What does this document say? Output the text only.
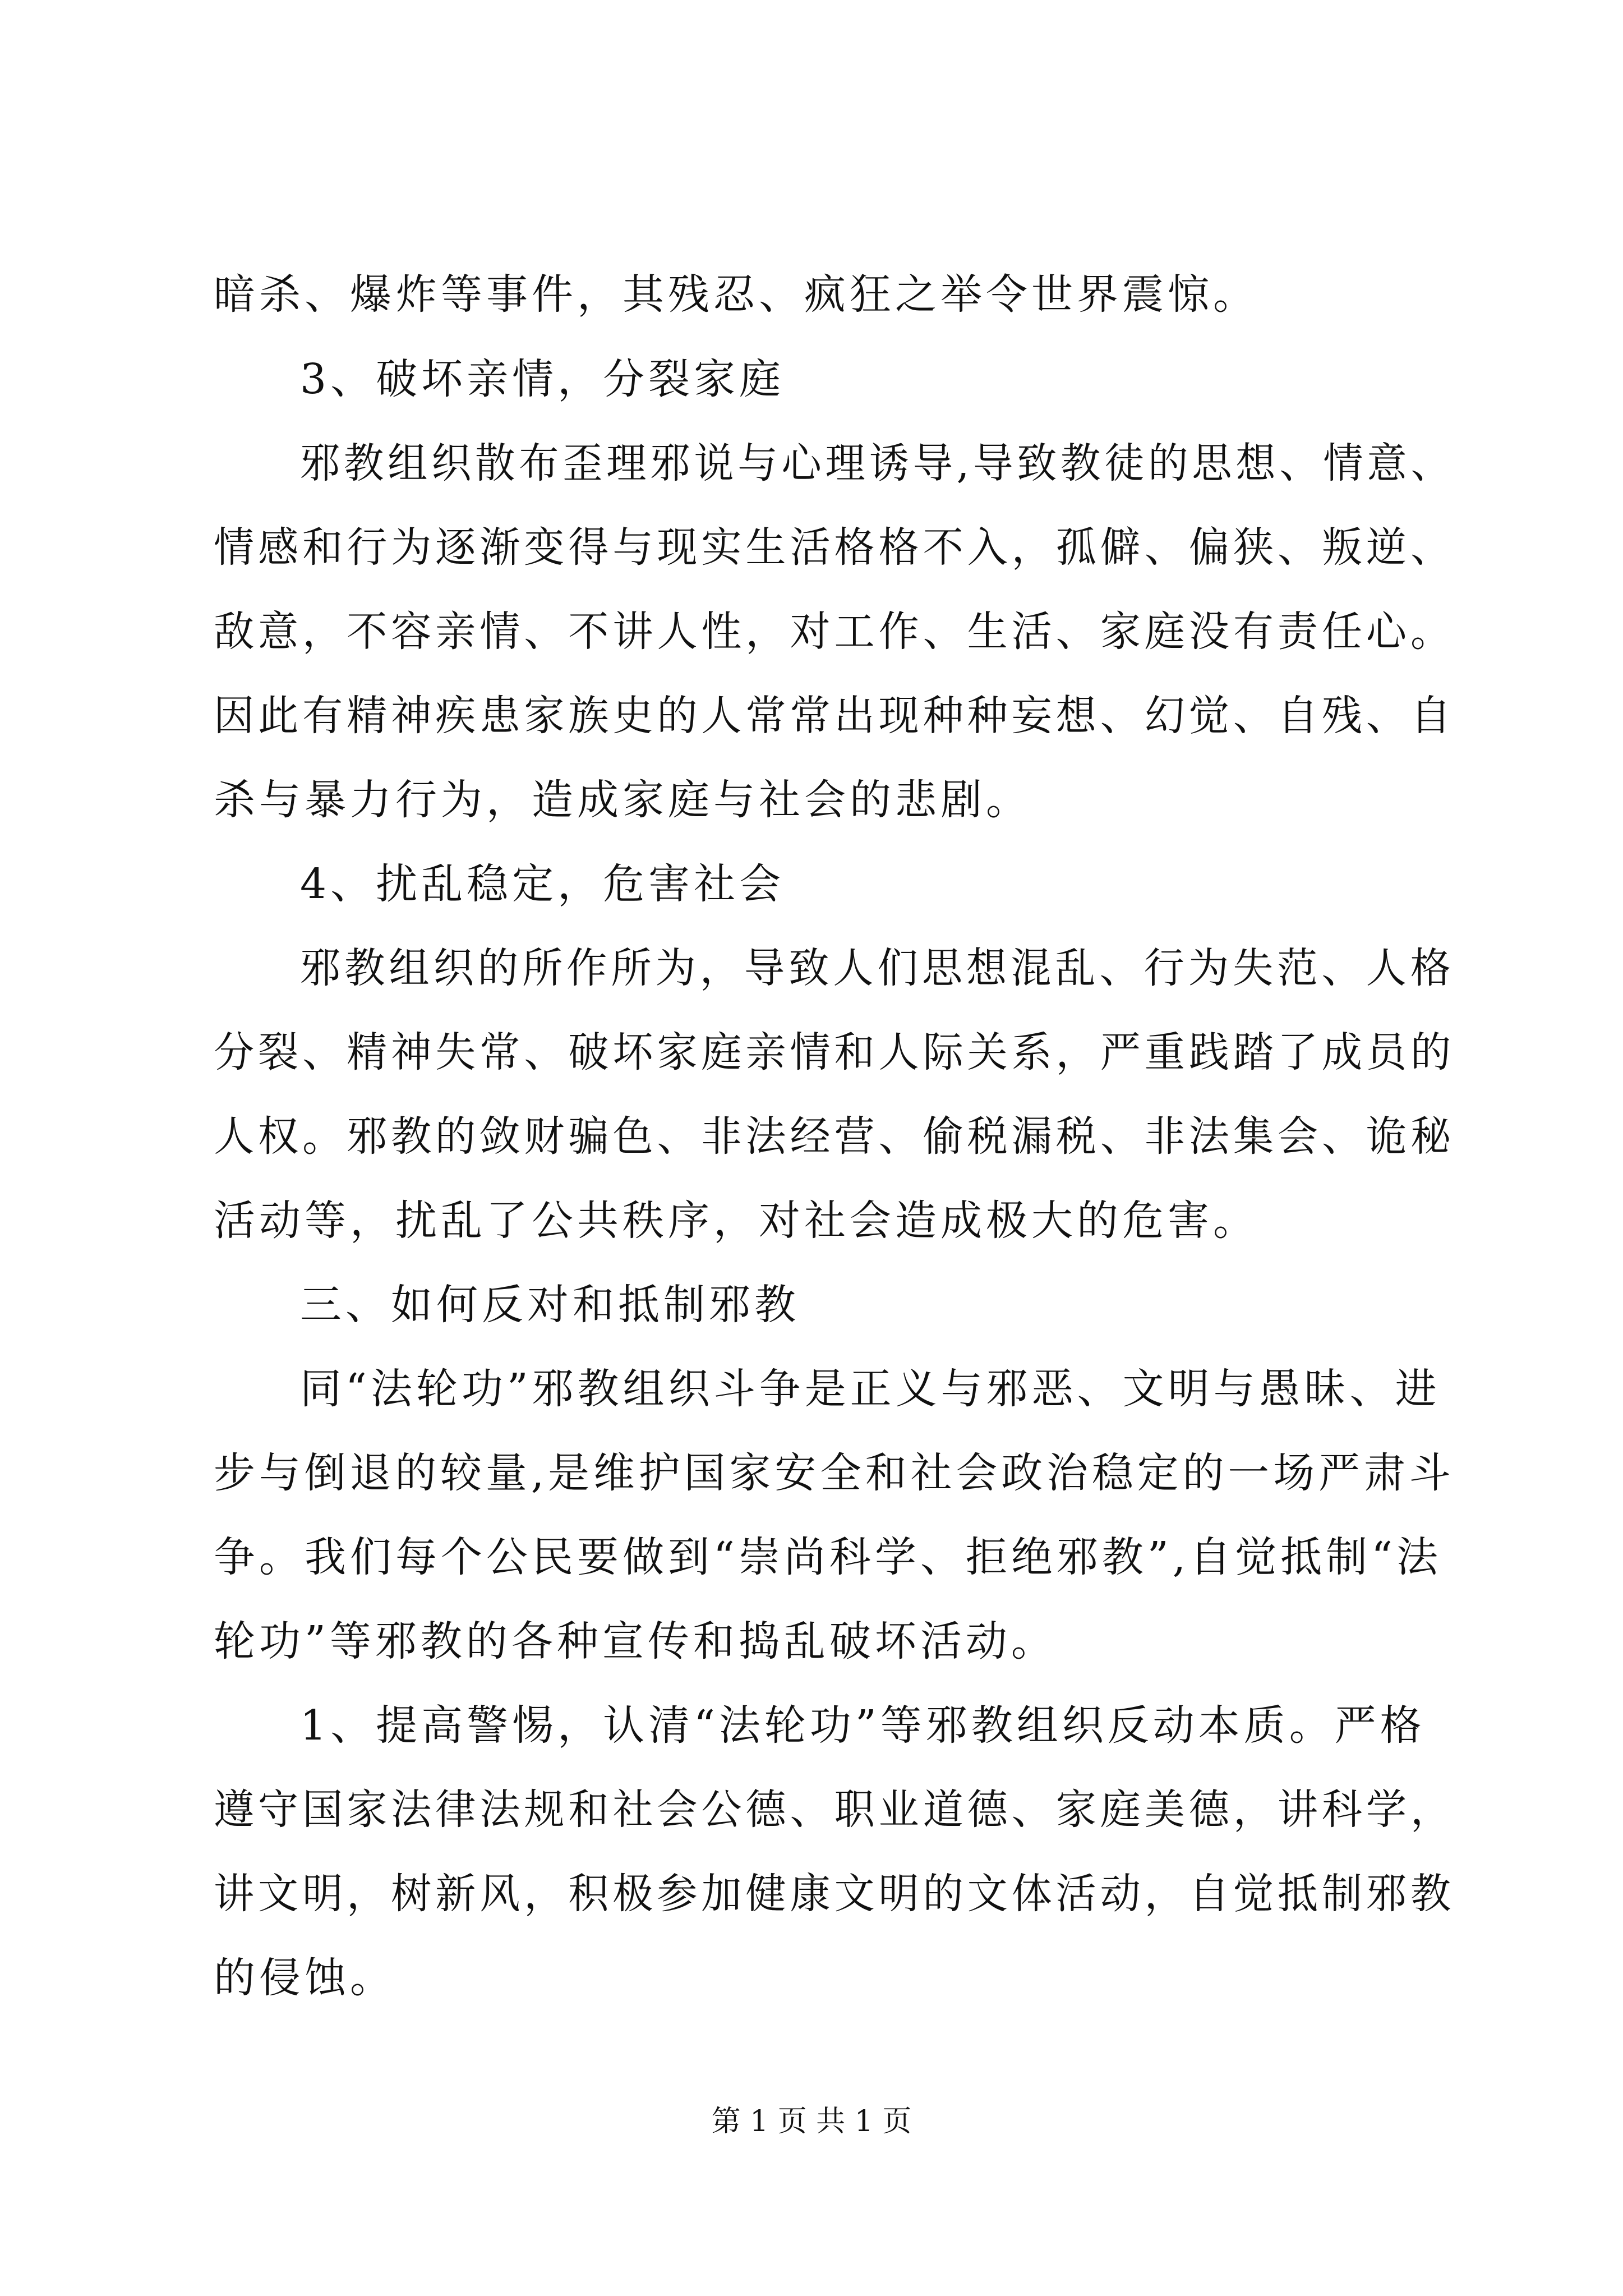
暗杀、爆炸等事件，其残忍、疯狂之举令世界震惊。
3、破坏亲情，分裂家庭
邪教组织散布歪理邪说与心理诱导,导致教徒的思想、情意、
情感和行为逐渐变得与现实生活格格不入，孤僻、偏狭、叛逆、
敌意，不容亲情、不讲人性，对工作、生活、家庭没有责任心。
因此有精神疾患家族史的人常常出现种种妄想、幻觉、自残、自
杀与暴力行为，造成家庭与社会的悲剧。
4、扰乱稳定，危害社会
邪教组织的所作所为，导致人们思想混乱、行为失范、人格
分裂、精神失常、破坏家庭亲情和人际关系，严重践踏了成员的
人权。邪教的敛财骗色、非法经营、偷税漏税、非法集会、诡秘
活动等，扰乱了公共秩序，对社会造成极大的危害。
三、如何反对和抵制邪教
同“法轮功”邪教组织斗争是正义与邪恶、文明与愚昧、进
步与倒退的较量,是维护国家安全和社会政治稳定的一场严肃斗
争。我们每个公民要做到“崇尚科学、拒绝邪教”,自觉抵制“法
轮功”等邪教的各种宣传和捣乱破坏活动。
1、提高警惕，认清“法轮功”等邪教组织反动本质。严格
遵守国家法律法规和社会公德、职业道德、家庭美德，讲科学，
讲文明，树新风，积极参加健康文明的文体活动，自觉抵制邪教
的侵蚀。
第 1 页 共 1 页
